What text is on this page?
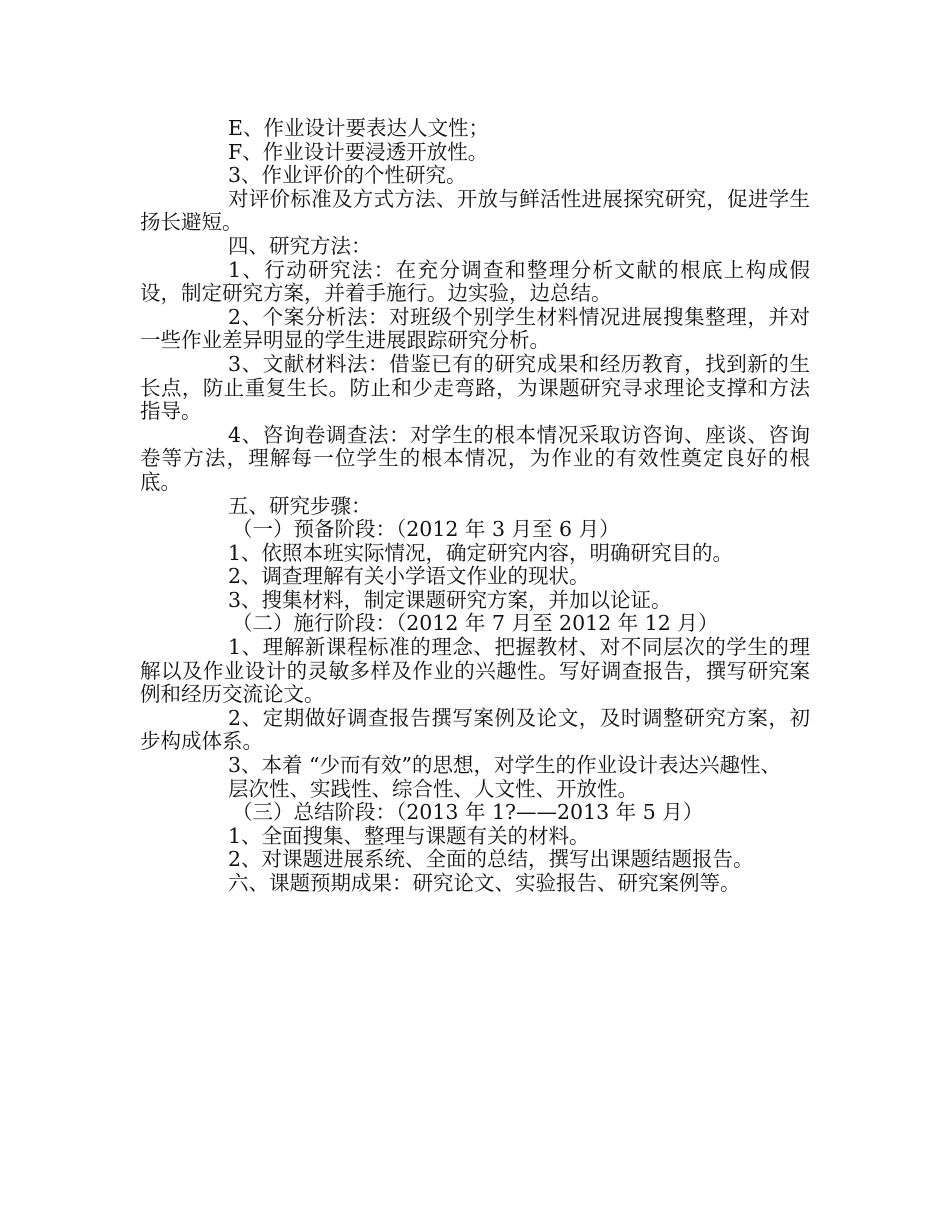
E、作业设计要表达人文性；

F、作业设计要浸透开放性。

3、作业评价的个性研究。

对评价标准及方式方法、开放与鲜活性进展探究研究，促进学生扬长避短。

四、研究方法：

1、行动研究法：在充分调查和整理分析文献的根底上构成假设，制定研究方案，并着手施行。边实验，边总结。

2、个案分析法：对班级个别学生材料情况进展搜集整理，并对一些作业差异明显的学生进展跟踪研究分析。

3、文献材料法：借鉴已有的研究成果和经历教育，找到新的生长点，防止重复生长。防止和少走弯路，为课题研究寻求理论支撑和方法指导。

4、咨询卷调查法：对学生的根本情况采取访咨询、座谈、咨询卷等方法，理解每一位学生的根本情况，为作业的有效性奠定良好的根底。

五、研究步骤：

（一）预备阶段：（2012 年 3 月至 6 月）

1、依照本班实际情况，确定研究内容，明确研究目的。

2、调查理解有关小学语文作业的现状。

3、搜集材料，制定课题研究方案，并加以论证。

（二）施行阶段：（2012 年 7 月至 2012 年 12 月）

1、理解新课程标准的理念、把握教材、对不同层次的学生的理解以及作业设计的灵敏多样及作业的兴趣性。写好调查报告，撰写研究案例和经历交流论文。

2、定期做好调查报告撰写案例及论文，及时调整研究方案，初步构成体系。

3、本着 “少而有效”的思想，对学生的作业设计表达兴趣性、

层次性、实践性、综合性、人文性、开放性。

（三）总结阶段：（2013 年 1?——2013 年 5 月）

1、全面搜集、整理与课题有关的材料。

2、对课题进展系统、全面的总结，撰写出课题结题报告。

六、课题预期成果：研究论文、实验报告、研究案例等。
